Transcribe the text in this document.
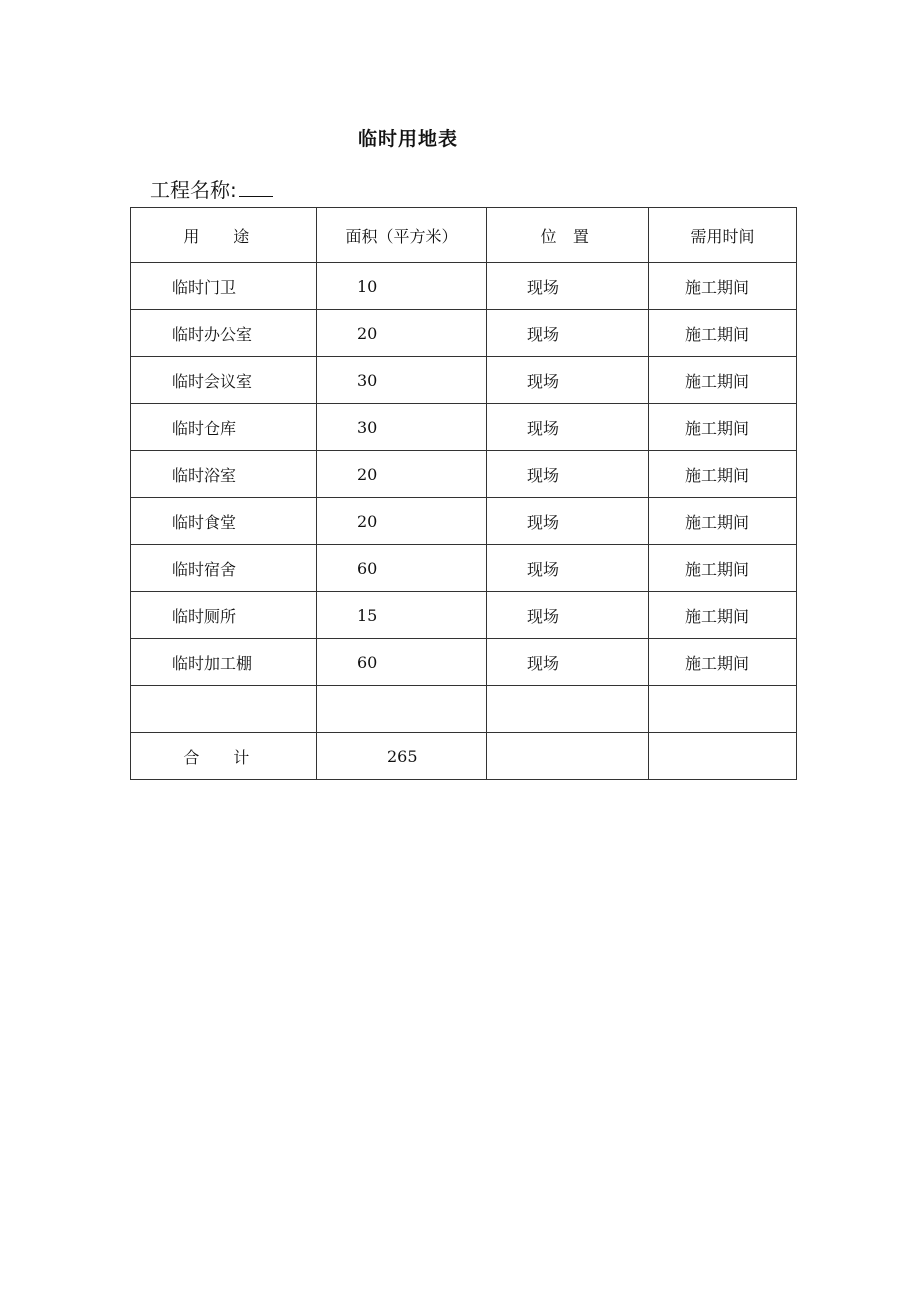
临时用地表
工程名称:
用 途	面积（平方米）	位 置	需用时间
临时门卫	10	现场	施工期间
临时办公室	20	现场	施工期间
临时会议室	30	现场	施工期间
临时仓库	30	现场	施工期间
临时浴室	20	现场	施工期间
临时食堂	20	现场	施工期间
临时宿舍	60	现场	施工期间
临时厕所	15	现场	施工期间
临时加工棚	60	现场	施工期间

合 计	265		
